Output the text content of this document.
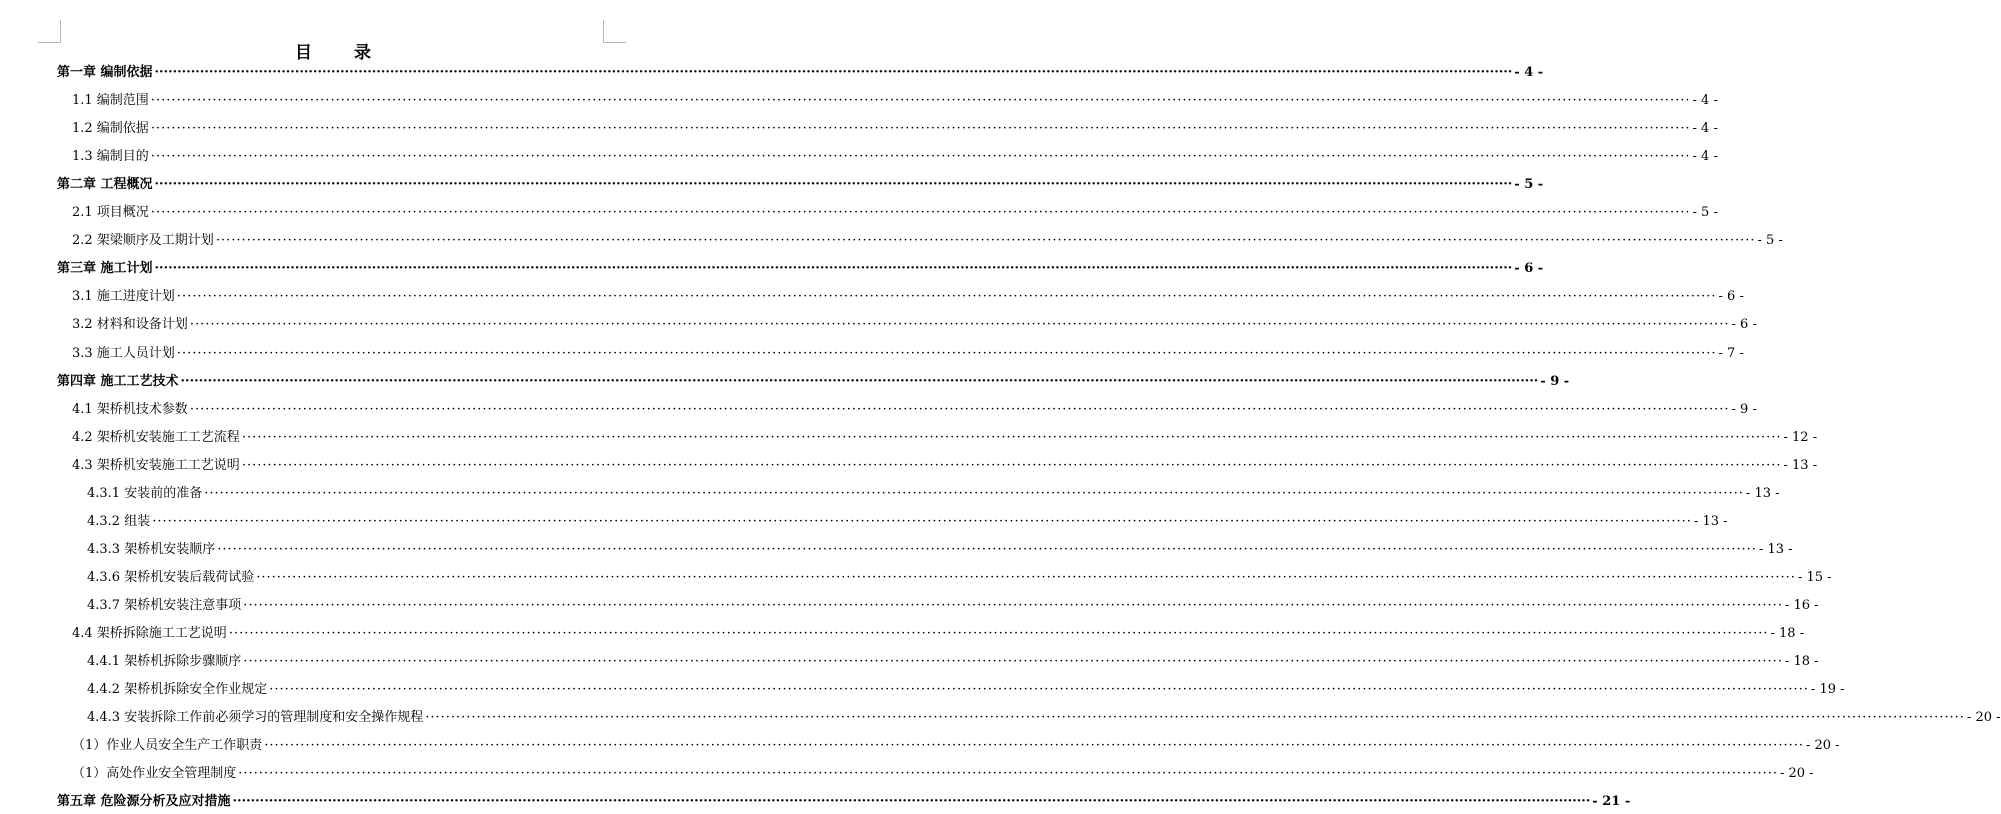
目 录
第一章 编制依据 ············································································································································································································································································································ - 4 -
1.1 编制范围 ············································································································································································································································································································ - 4 -
1.2 编制依据 ············································································································································································································································································································ - 4 -
1.3 编制目的 ············································································································································································································································································································ - 4 -
第二章 工程概况 ············································································································································································································································································································ - 5 -
2.1 项目概况 ············································································································································································································································································································ - 5 -
2.2 架梁顺序及工期计划 ············································································································································································································································································································ - 5 -
第三章 施工计划 ············································································································································································································································································································ - 6 -
3.1 施工进度计划 ············································································································································································································································································································ - 6 -
3.2 材料和设备计划 ············································································································································································································································································································ - 6 -
3.3 施工人员计划 ············································································································································································································································································································ - 7 -
第四章 施工工艺技术 ············································································································································································································································································································ - 9 -
4.1 架桥机技术参数 ············································································································································································································································································································ - 9 -
4.2 架桥机安装施工工艺流程 ············································································································································································································································································································ - 12 -
4.3 架桥机安装施工工艺说明 ············································································································································································································································································································ - 13 -
4.3.1 安装前的准备 ············································································································································································································································································································ - 13 -
4.3.2 组装 ············································································································································································································································································································ - 13 -
4.3.3 架桥机安装顺序 ············································································································································································································································································································ - 13 -
4.3.6 架桥机安装后载荷试验 ············································································································································································································································································································ - 15 -
4.3.7 架桥机安装注意事项 ············································································································································································································································································································ - 16 -
4.4 架桥拆除施工工艺说明 ············································································································································································································································································································ - 18 -
4.4.1 架桥机拆除步骤顺序 ············································································································································································································································································································ - 18 -
4.4.2 架桥机拆除安全作业规定 ············································································································································································································································································································ - 19 -
4.4.3 安装拆除工作前必须学习的管理制度和安全操作规程 ············································································································································································································································································································ - 20 -
（1）作业人员安全生产工作职责 ············································································································································································································································································································ - 20 -
（1）高处作业安全管理制度 ············································································································································································································································································································ - 20 -
第五章 危险源分析及应对措施 ············································································································································································································································································································ - 21 -
